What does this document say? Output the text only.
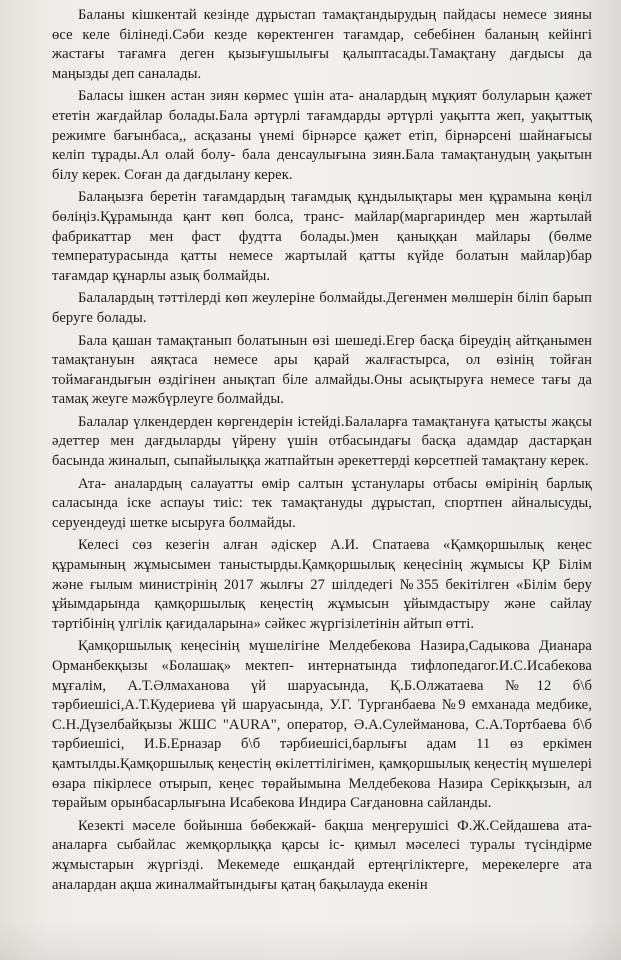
Баланы кішкентай кезінде дұрыстап тамақтандырудың пайдасы немесе зияны өсе келе білінеді.Сәби кезде көректенген тағамдар, себебінен баланың кейінгі жастағы тағамға деген қызығушылығы қалыптасады.Тамақтану дағдысы да маңызды деп саналады.

Баласы ішкен астан зиян көрмес үшін ата- аналардың мұқият болуларын қажет ететін жағдайлар болады.Бала әртүрлі тағамдарды әртүрлі уақытта жеп, уақыттық режимге бағынбаса,, асқазаны үнемі бірнәрсе қажет етіп, бірнәрсені шайнағысы келіп тұрады.Ал олай болу- бала денсаулығына зиян.Бала тамақтанудың уақытын білу керек. Соған да дағдылану керек.

Балаңызға беретін тағамдардың тағамдық құндылықтары мен құрамына көңіл бөліңіз.Құрамында қант көп болса, транс- майлар(маргариндер мен жартылай фабрикаттар мен фаст фудтта болады.)мен қаныққан майлары (бөлме температурасында қатты немесе жартылай қатты күйде болатын майлар)бар тағамдар құнарлы азық болмайды.

Балалардың тәттілерді көп жеулеріне болмайды.Дегенмен мөлшерін біліп барып беруге болады.

Бала қашан тамақтанып болатынын өзі шешеді.Егер басқа біреудің айтқанымен тамақтануын аяқтаса немесе ары қарай жалғастырса, ол өзінің тойған тоймағандығын өздігінен анықтап біле алмайды.Оны асықтыруға немесе тағы да тамақ жеуге мәжбүрлеуге болмайды.

Балалар үлкендерден көргендерін істейді.Балаларға тамақтануға қатысты жақсы әдеттер мен дағдыларды үйрену үшін отбасындағы басқа адамдар дастарқан басында жиналып, сыпайылыққа жатпайтын әрекеттерді көрсетпей тамақтану керек.

Ата- аналардың салауатты өмір салтын ұстанулары отбасы өмірінің барлық саласында іске аспауы тиіс: тек тамақтануды дұрыстап, спортпен айналысуды, серуендеуді шетке ысыруға болмайды.

Келесі сөз кезегін алған әдіскер А.И. Спатаева «Қамқоршылық кеңес құрамының жұмысымен таныстырды.Қамқоршылық кеңесінің жұмысы ҚР Білім және ғылым министрінің 2017 жылғы 27 шілдедегі №355 бекітілген «Білім беру ұйымдарында қамқоршылық кеңестің жұмысын ұйымдастыру және сайлау тәртібінің үлгілік қағидаларына» сәйкес жүргізілетінін айтып өтті.

Қамқоршылық кеңесінің мүшелігіне Мелдебекова Назира,Садыкова Дианара Орманбекқызы «Болашақ» мектеп- интернатында тифлопедагог.И.С.Исабекова мұғалім, А.Т.Әлмаханова үй шаруасында, Қ.Б.Олжатаева №12 б\б тәрбиешісі,А.Т.Кудериева үй шаруасында, У.Г. Турганбаева №9 емханада медбике, С.Н.Дүзелбайқызы ЖШС "AURA", оператор, Ә.А.Сулейманова, С.А.Тортбаева б\б тәрбиешісі, И.Б.Ерназар б\б тәрбиешісі,барлығы адам 11 өз еркімен қамтылды.Қамқоршылық кеңестің өкілеттілігімен, қамқоршылық кеңестің мүшелері өзара пікірлесе отырып, кеңес төрайымына Мелдебекова Назира Серікқызын, ал төрайым орынбасарлығына Исабекова Индира Сағдановна сайланды.

Кезекті мәселе бойынша бөбекжай- бақша меңгерушісі Ф.Ж.Сейдашева ата- аналарға сыбайлас жемқорлыққа қарсы іс- қимыл мәселесі туралы түсіндірме жұмыстарын жүргізді. Мекемеде ешқандай ертеңгіліктерге, мерекелерге ата аналардан ақша жиналмайтындығы қатаң бақылауда екенін
